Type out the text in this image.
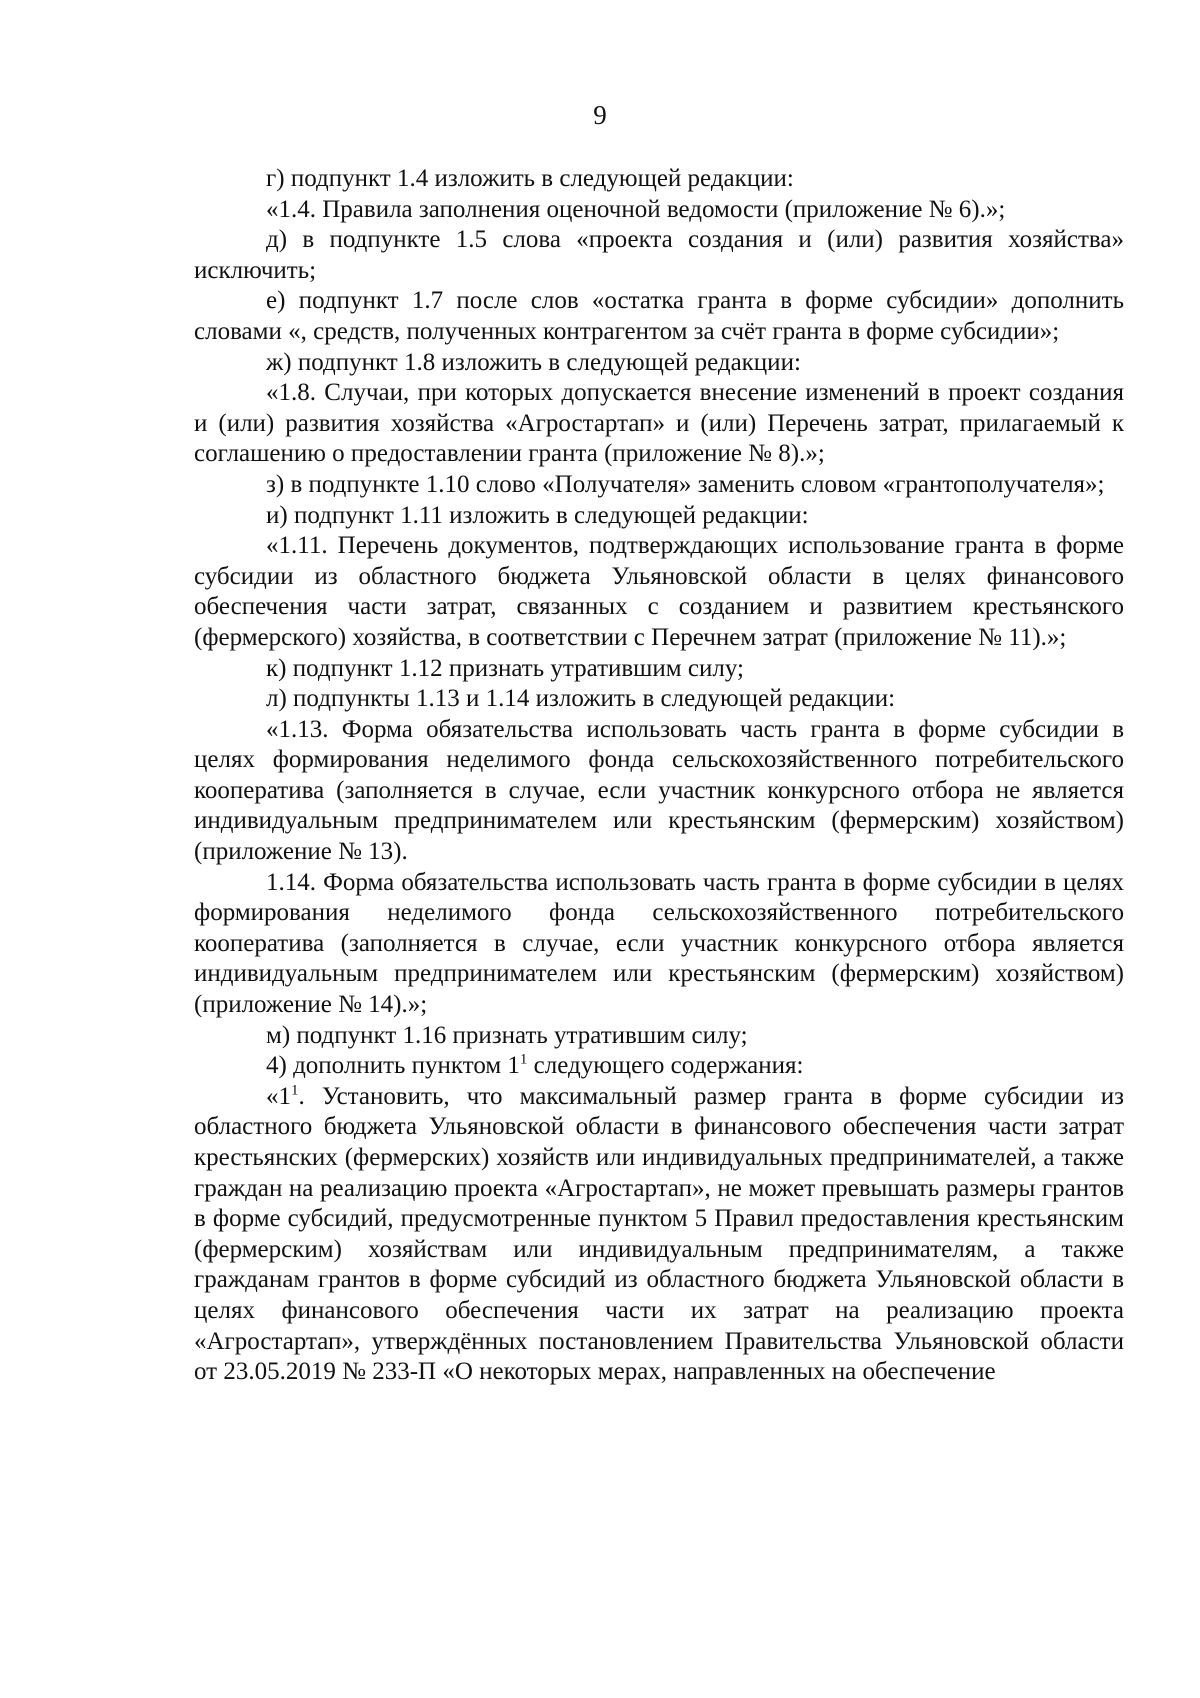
9

г) подпункт 1.4 изложить в следующей редакции:

«1.4. Правила заполнения оценочной ведомости (приложение № 6).»;

д) в подпункте 1.5 слова «проекта создания и (или) развития хозяйства» исключить;

е) подпункт 1.7 после слов «остатка гранта в форме субсидии» дополнить словами «, средств, полученных контрагентом за счёт гранта в форме субсидии»;

ж) подпункт 1.8 изложить в следующей редакции:

«1.8. Случаи, при которых допускается внесение изменений в проект создания и (или) развития хозяйства «Агростартап» и (или) Перечень затрат, прилагаемый к соглашению о предоставлении гранта (приложение № 8).»;

з) в подпункте 1.10 слово «Получателя» заменить словом «грантополучателя»;

и) подпункт 1.11 изложить в следующей редакции:

«1.11. Перечень документов, подтверждающих использование гранта в форме субсидии из областного бюджета Ульяновской области в целях финансового обеспечения части затрат, связанных с созданием и развитием крестьянского (фермерского) хозяйства, в соответствии с Перечнем затрат (приложение № 11).»;

к) подпункт 1.12 признать утратившим силу;

л) подпункты 1.13 и 1.14 изложить в следующей редакции:

«1.13. Форма обязательства использовать часть гранта в форме субсидии в целях формирования неделимого фонда сельскохозяйственного потребительского кооператива (заполняется в случае, если участник конкурсного отбора не является индивидуальным предпринимателем или крестьянским (фермерским) хозяйством) (приложение № 13).

1.14. Форма обязательства использовать часть гранта в форме субсидии в целях формирования неделимого фонда сельскохозяйственного потребительского кооператива (заполняется в случае, если участник конкурсного отбора является индивидуальным предпринимателем или крестьянским (фермерским) хозяйством) (приложение № 14).»;

м) подпункт 1.16 признать утратившим силу;

4) дополнить пунктом $1^1$ следующего содержания:

«$1^1$. Установить, что максимальный размер гранта в форме субсидии из областного бюджета Ульяновской области в финансового обеспечения части затрат крестьянских (фермерских) хозяйств или индивидуальных предпринимателей, а также граждан на реализацию проекта «Агростартап», не может превышать размеры грантов в форме субсидий, предусмотренные пунктом 5 Правил предоставления крестьянским (фермерским) хозяйствам или индивидуальным предпринимателям, а также гражданам грантов в форме субсидий из областного бюджета Ульяновской области в целях финансового обеспечения части их затрат на реализацию проекта «Агростартап», утверждённых постановлением Правительства Ульяновской области от 23.05.2019 № 233-П «О некоторых мерах, направленных на обеспечение
